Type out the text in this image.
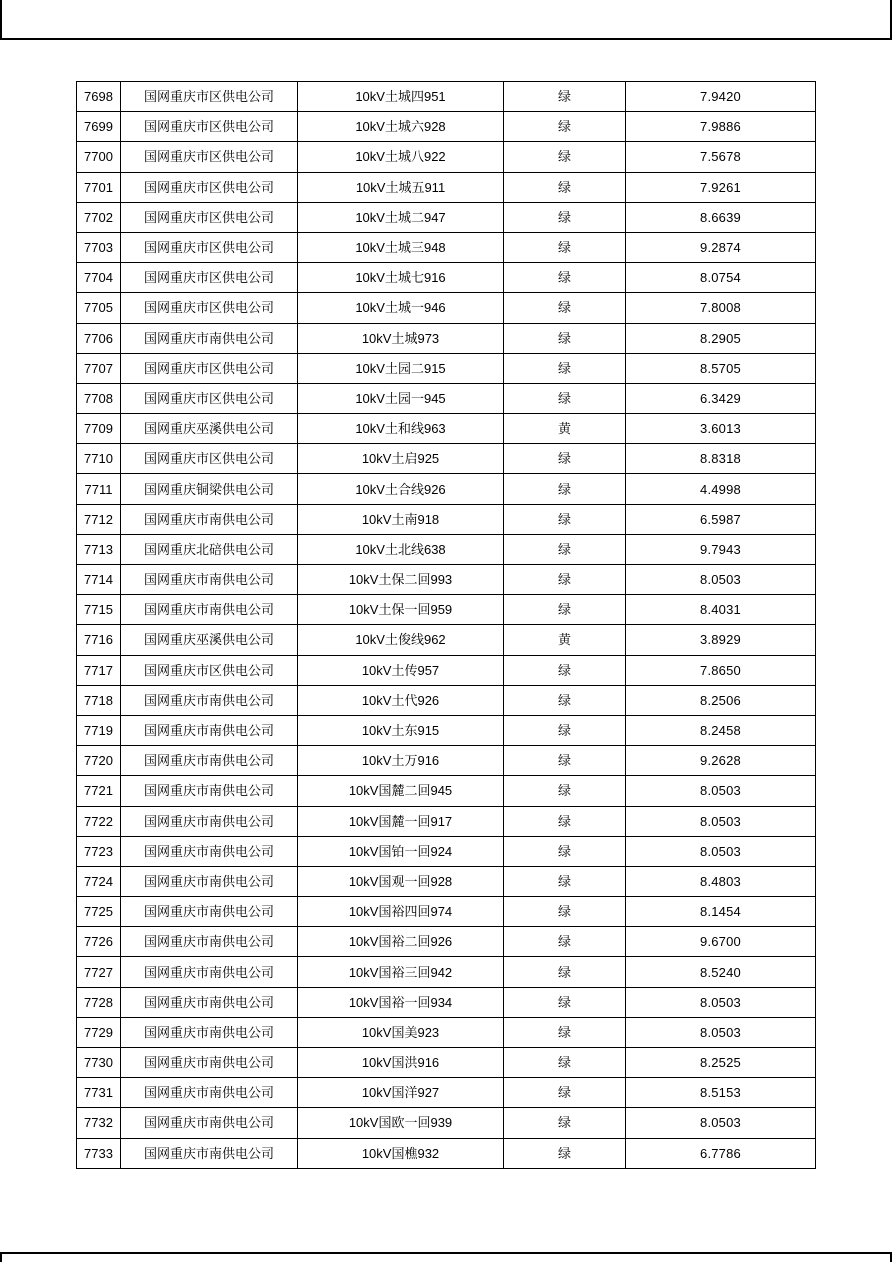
7698	国网重庆市区供电公司	10kV土城四951	绿	7.9420
7699	国网重庆市区供电公司	10kV土城六928	绿	7.9886
7700	国网重庆市区供电公司	10kV土城八922	绿	7.5678
7701	国网重庆市区供电公司	10kV土城五911	绿	7.9261
7702	国网重庆市区供电公司	10kV土城二947	绿	8.6639
7703	国网重庆市区供电公司	10kV土城三948	绿	9.2874
7704	国网重庆市区供电公司	10kV土城七916	绿	8.0754
7705	国网重庆市区供电公司	10kV土城一946	绿	7.8008
7706	国网重庆市南供电公司	10kV土城973	绿	8.2905
7707	国网重庆市区供电公司	10kV土园二915	绿	8.5705
7708	国网重庆市区供电公司	10kV土园一945	绿	6.3429
7709	国网重庆巫溪供电公司	10kV土和线963	黄	3.6013
7710	国网重庆市区供电公司	10kV土启925	绿	8.8318
7711	国网重庆铜梁供电公司	10kV土合线926	绿	4.4998
7712	国网重庆市南供电公司	10kV土南918	绿	6.5987
7713	国网重庆北碚供电公司	10kV土北线638	绿	9.7943
7714	国网重庆市南供电公司	10kV土保二回993	绿	8.0503
7715	国网重庆市南供电公司	10kV土保一回959	绿	8.4031
7716	国网重庆巫溪供电公司	10kV土俊线962	黄	3.8929
7717	国网重庆市区供电公司	10kV土传957	绿	7.8650
7718	国网重庆市南供电公司	10kV土代926	绿	8.2506
7719	国网重庆市南供电公司	10kV土东915	绿	8.2458
7720	国网重庆市南供电公司	10kV土万916	绿	9.2628
7721	国网重庆市南供电公司	10kV国麓二回945	绿	8.0503
7722	国网重庆市南供电公司	10kV国麓一回917	绿	8.0503
7723	国网重庆市南供电公司	10kV国铂一回924	绿	8.0503
7724	国网重庆市南供电公司	10kV国观一回928	绿	8.4803
7725	国网重庆市南供电公司	10kV国裕四回974	绿	8.1454
7726	国网重庆市南供电公司	10kV国裕二回926	绿	9.6700
7727	国网重庆市南供电公司	10kV国裕三回942	绿	8.5240
7728	国网重庆市南供电公司	10kV国裕一回934	绿	8.0503
7729	国网重庆市南供电公司	10kV国美923	绿	8.0503
7730	国网重庆市南供电公司	10kV国洪916	绿	8.2525
7731	国网重庆市南供电公司	10kV国洋927	绿	8.5153
7732	国网重庆市南供电公司	10kV国欧一回939	绿	8.0503
7733	国网重庆市南供电公司	10kV国樵932	绿	6.7786
